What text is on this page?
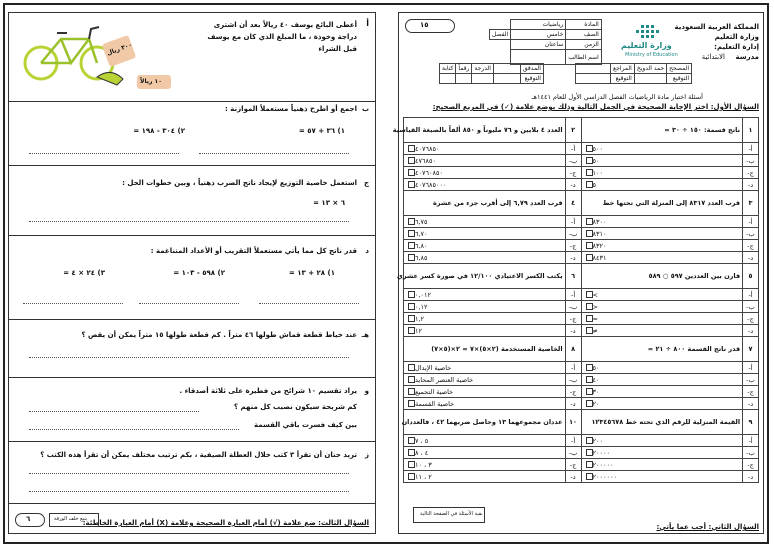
المملكة العربية السعودية
وزارة التعليم
إدارة التعليم:
الابتدائية مدرسة
وزارة التعليم
Ministry of Education
١٥	المادة	رياضيات	
الصف	خامس	الفصل
الزمن	ساعتان	
اسم الطالب		
المصحح	حمد الدويخ	المراجع	
التوقيع		التوقيع	
المدقق		الدرجة	رقماً	كتابة
التوقيع				
أسئلة اختبار مادة الرياضيات الفصل الدراسي الأول للعام ١٤٤١هـ
السؤال الأول: اختر الإجابة الصحيحة في الجمل التالية وذلك بوضع علامة (✓) في المربع الصحيح:
١	ناتج قسمة: ١٥٠ ÷ ٣٠ =	٢	العدد ٤ بلايين و ٧٦ مليوناً و ٨٥٠ ألفاً بالصيغة القياسية
أ-	٥٠٠	أ-	٤٠٧٦٨٥٠
ب-	٥٠	ب-	٤٧٦٨٥٠
ج-	١٠٠	ج-	٤٠٧٦٠٨٥٠
د-	٥	د-	٤٠٧٦٨٥٠٠٠
٣	قرب العدد ٨٣١٧ إلى المنزلة التي تحتها خط	٤	قرب العدد ٦,٧٩ إلى أقرب جزء من عشرة
أ-	٨٣٠٠	أ-	٦,٧٥
ب-	٨٣١٠	ب-	٦,٧٠
ج-	٨٣٢٠	ج-	٦,٨٠
د-	٨٤٣١	د-	٦,٨٥
٥	قارن بين العددين ٥٩٧ ○ ٥٨٩	٦	يكتب الكسر الاعتيادي ١٢/١٠٠ في صورة كسر عشري
أ-	<	أ-	٠,٠١٢
ب-	>	ب-	٠,١٢
ج-	=	ج-	١,٢
د-	≠	د-	١٢
٧	قدر ناتج القسمة ٨٠٠ ÷ ٢١ =	٨	الخاصية المستخدمة (٢×٥)×٧ = ٢×(٥×٧)
أ-	٥٠	أ-	خاصية الإبدال
ب-	٤٠	ب-	خاصية العنصر المحايد
ج-	٣٠	ج-	خاصية التجميع
د-	٢٠	د-	خاصية القسمة
٩	القيمة المنزلية للرقم الذي تحته خط ١٢٣٤٥٦٧٨	١٠	عددان مجموعهما ١٣ وحاصل ضربهما ٤٢ ، فالعددان
أ-	٢٠٠	أ-	٥ ، ٧
ب-	٢٠٠٠٠	ب-	٤ ، ٨
ج-	٢٠٠٠٠٠	ج-	٣ ، ١٠
د-	٢٠٠٠٠٠٠	د-	٢ ، ١١
بقية الأسئلة في الصفحة التالية
السؤال الثاني: أجب عما يأتي:
أ
أعطى البائع يوسف ٤٠ ريالاً بعد أن اشترى دراجة وخوذة ، ما المبلغ الذي كان مع يوسف قبل الشراء
٣٠٠ ريال
١٠ ريالاً
ب
اجمع أو اطرح ذهنياً مستعملاً الموازنة :
١) ٣٦ + ٥٧ =
٢) ٣٠٤ - ١٩٨ =
ج
استعمل خاصية التوزيع لإيجاد ناتج الضرب ذهنياً ، وبين خطوات الحل :
٦ × ١٣ =
د
قدر ناتج كل مما يأتي مستعملاً التقريب أو الأعداد المتناغمة :
١) ٢٨ + ١٣ =
٢) ٥٩٨ - ١٠٣ =
٣) ٢٤ × ٤ =
هـ
عند خياط قطعة قماش طولها ٤٦ متراً . كم قطعة طولها ١٥ متراً يمكن أن يقص ؟
و
يراد تقسيم ١٠ شرائح من فطيرة على ثلاثة أصدقاء .
كم شريحة سيكون نصيب كل منهم ؟
بين كيف فسرت باقي القسمة
ز
تريد حنان أن تقرأ ٣ كتب خلال العطلة الصيفية ، بكم ترتيب مختلف يمكن أن تقرأ هذه الكتب ؟
السؤال الثالث: ضع علامة (√) أمام العبارة الصحيحة وعلامة (X) أمام العبارة الخاطئة:
٦	يتبع خلف الورقة
